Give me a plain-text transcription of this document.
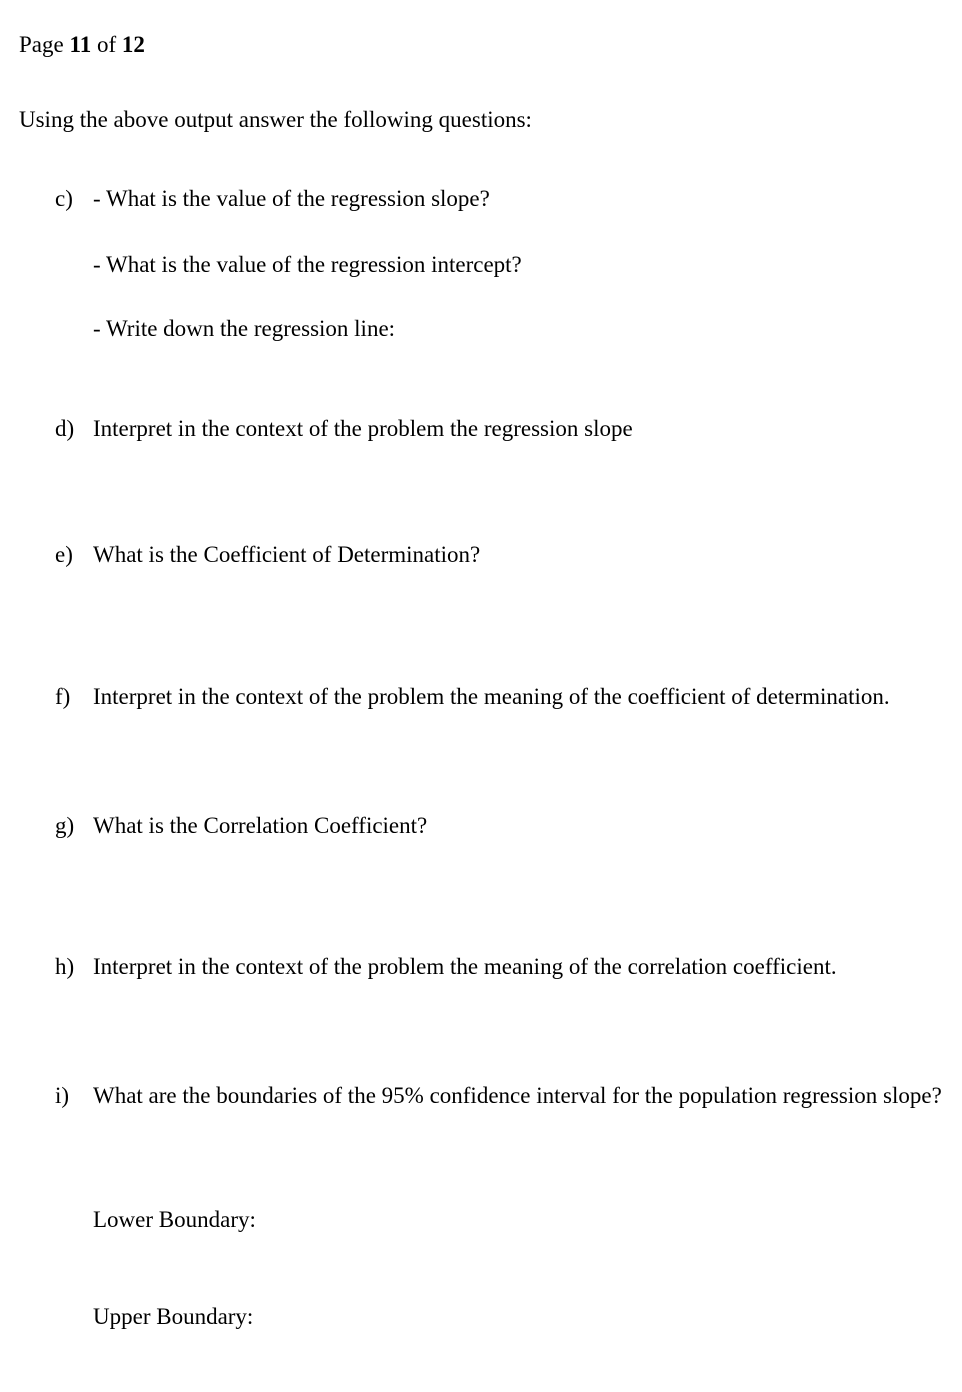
Page 11 of 12
Using the above output answer the following questions:
c) - What is the value of the regression slope?
- What is the value of the regression intercept?
- Write down the regression line:
d) Interpret in the context of the problem the regression slope
e) What is the Coefficient of Determination?
f) Interpret in the context of the problem the meaning of the coefficient of determination.
g) What is the Correlation Coefficient?
h) Interpret in the context of the problem the meaning of the correlation coefficient.
i) What are the boundaries of the 95% confidence interval for the population regression slope?
Lower Boundary:
Upper Boundary:
